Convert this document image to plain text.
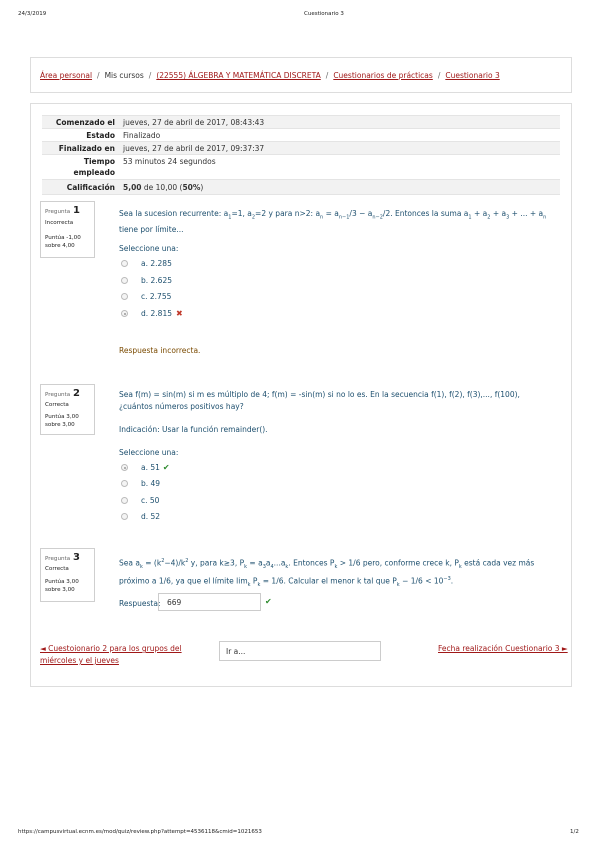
24/3/2019	Cuestionario 3
https://campusvirtual.ecnm.es/mod/quiz/review.php?attempt=4536118&cmid=1021653	1/2
Área personal / Mis cursos / (22555) ÁLGEBRA Y MATEMÁTICA DISCRETA / Cuestionarios de prácticas / Cuestionario 3
Comenzado el jueves, 27 de abril de 2017, 08:43:43
Estado Finalizado
Finalizado en jueves, 27 de abril de 2017, 09:37:37
Tiempo
empleado
53 minutos 24 segundos
Calificación 5,00 de 10,00 (50%)
Pregunta 1
Incorrecta
Puntúa -1,00
sobre 4,00
Sea la sucesion recurrente: $a_1=1$, $a_2=2$ y para n>2: $a_n = a_{n-1}/3 - a_{n-2}/2$. Entonces la suma $a_1 + a_2 + a_3$ + ... + $a_n$ tiene por límite...
Seleccione una:
a. 2.285
b. 2.625
c. 2.755
d. 2.815 ✖
Respuesta incorrecta.
Pregunta 2
Correcta
Puntúa 3,00
sobre 3,00
Sea f(m) = sin(m) si m es múltiplo de 4; f(m) = -sin(m) si no lo es. En la secuencia f(1), f(2), f(3),..., f(100), ¿cuántos números positivos hay?
Indicación: Usar la función remainder().
Seleccione una:
a. 51 ✔
b. 49
c. 50
d. 52
Pregunta 3
Correcta
Puntúa 3,00
sobre 3,00
Sea $a_k = (k^2-4)/k^2$ y, para k≥3, $P_k = a_3a_4...a_k$. Entonces $P_k > 1/6$ pero, conforme crece k, $P_k$ está cada vez más próximo a 1/6, ya que el límite $\lim_k P_k = 1/6$. Calcular el menor k tal que $P_k - 1/6 < 10^{-3}$.
Respuesta: 669	✔
◄ Cuestoionario 2 para los grupos del
miércoles y el jueves
Ir a...	Fecha realización Cuestionario 3 ►
